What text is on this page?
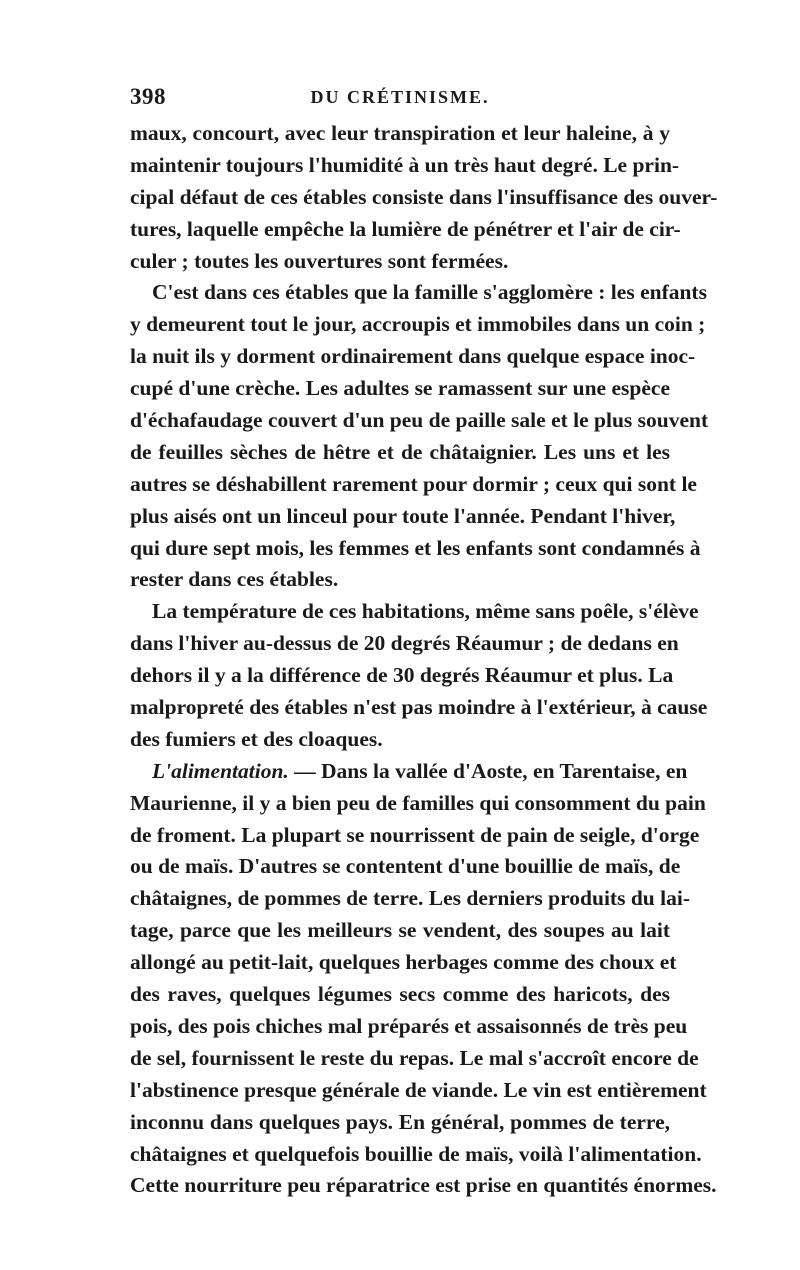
398	DU CRÉTINISME.
maux, concourt, avec leur transpiration et leur haleine, à y
maintenir toujours l'humidité à un très haut degré. Le prin-
cipal défaut de ces étables consiste dans l'insuffisance des ouver-
tures, laquelle empêche la lumière de pénétrer et l'air de cir-
culer ; toutes les ouvertures sont fermées.
C'est dans ces étables que la famille s'agglomère : les enfants
y demeurent tout le jour, accroupis et immobiles dans un coin ;
la nuit ils y dorment ordinairement dans quelque espace inoc-
cupé d'une crèche. Les adultes se ramassent sur une espèce
d'échafaudage couvert d'un peu de paille sale et le plus souvent
de feuilles sèches de hêtre et de châtaignier. Les uns et les
autres se déshabillent rarement pour dormir ; ceux qui sont le
plus aisés ont un linceul pour toute l'année. Pendant l'hiver,
qui dure sept mois, les femmes et les enfants sont condamnés à
rester dans ces étables.
La température de ces habitations, même sans poêle, s'élève
dans l'hiver au-dessus de 20 degrés Réaumur ; de dedans en
dehors il y a la différence de 30 degrés Réaumur et plus. La
malpropreté des étables n'est pas moindre à l'extérieur, à cause
des fumiers et des cloaques.
L'alimentation. — Dans la vallée d'Aoste, en Tarentaise, en
Maurienne, il y a bien peu de familles qui consomment du pain
de froment. La plupart se nourrissent de pain de seigle, d'orge
ou de maïs. D'autres se contentent d'une bouillie de maïs, de
châtaignes, de pommes de terre. Les derniers produits du lai-
tage, parce que les meilleurs se vendent, des soupes au lait
allongé au petit-lait, quelques herbages comme des choux et
des raves, quelques légumes secs comme des haricots, des
pois, des pois chiches mal préparés et assaisonnés de très peu
de sel, fournissent le reste du repas. Le mal s'accroît encore de
l'abstinence presque générale de viande. Le vin est entièrement
inconnu dans quelques pays. En général, pommes de terre,
châtaignes et quelquefois bouillie de maïs, voilà l'alimentation.
Cette nourriture peu réparatrice est prise en quantités énormes.
